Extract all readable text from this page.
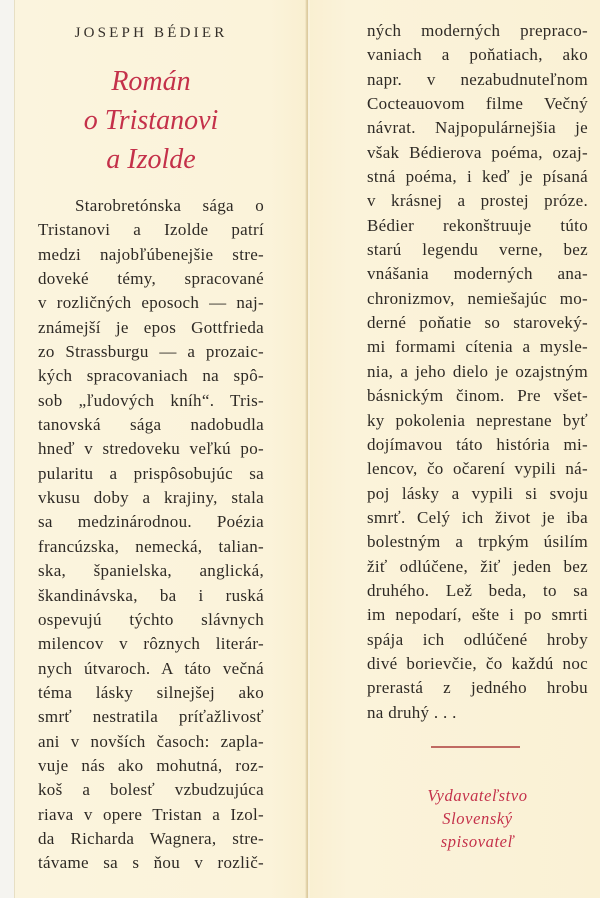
JOSEPH BÉDIER
Román
o Tristanovi
a Izolde
Starobretónska sága o
Tristanovi a Izolde patrí
medzi najobľúbenejšie stre-
doveké témy, spracované
v rozličných eposoch — naj-
známejší je epos Gottfrieda
zo Strassburgu — a prozaic-
kých spracovaniach na spô-
sob „ľudových kníh“. Tris-
tanovská sága nadobudla
hneď v stredoveku veľkú po-
pularitu a prispôsobujúc sa
vkusu doby a krajiny, stala
sa medzinárodnou. Poézia
francúzska, nemecká, talian-
ska, španielska, anglická,
škandinávska, ba i ruská
ospevujú týchto slávnych
milencov v rôznych literár-
nych útvaroch. A táto večná
téma lásky silnejšej ako
smrť nestratila príťažlivosť
ani v novších časoch: zapla-
vuje nás ako mohutná, roz-
koš a bolesť vzbudzujúca
riava v opere Tristan a Izol-
da Richarda Wagnera, stre-
távame sa s ňou v rozlič-
ných moderných prepraco-
vaniach a poňatiach, ako
napr. v nezabudnuteľnom
Cocteauovom filme Večný
návrat. Najpopulárnejšia je
však Bédierova poéma, ozaj-
stná poéma, i keď je písaná
v krásnej a prostej próze.
Bédier rekonštruuje túto
starú legendu verne, bez
vnášania moderných ana-
chronizmov, nemiešajúc mo-
derné poňatie so staroveký-
mi formami cítenia a mysle-
nia, a jeho dielo je ozajstným
básnickým činom. Pre všet-
ky pokolenia neprestane byť
dojímavou táto história mi-
lencov, čo očarení vypili ná-
poj lásky a vypili si svoju
smrť. Celý ich život je iba
bolestným a trpkým úsilím
žiť odlúčene, žiť jeden bez
druhého. Lež beda, to sa
im nepodarí, ešte i po smrti
spája ich odlúčené hroby
divé borievčie, čo každú noc
prerastá z jedného hrobu
na druhý . . .
Vydavateľstvo
Slovenský
spisovateľ
